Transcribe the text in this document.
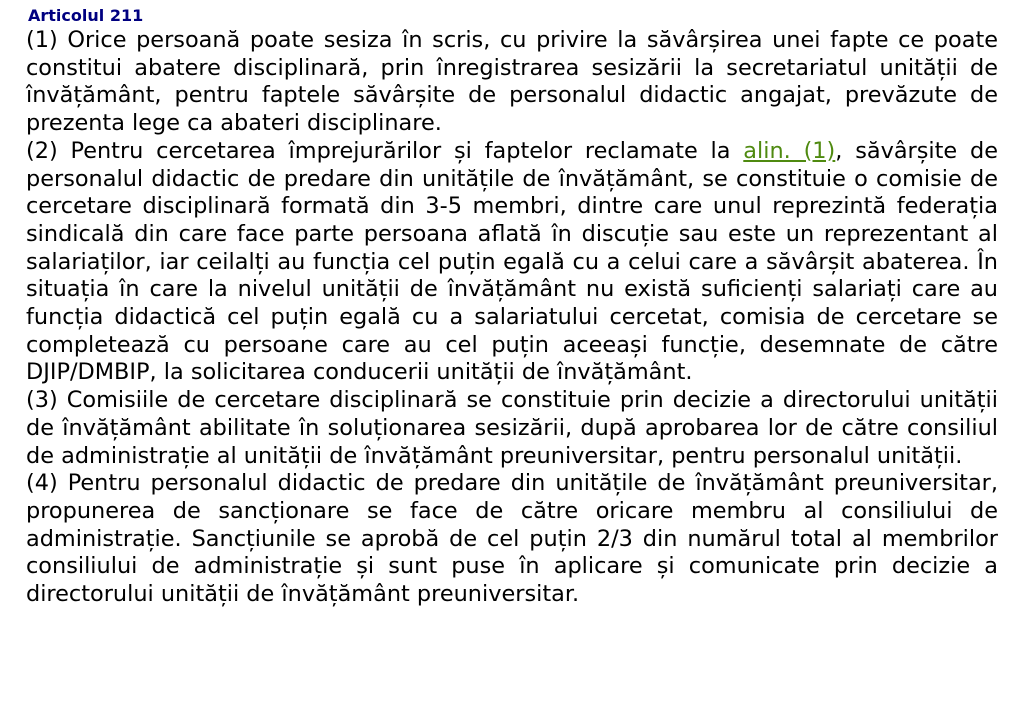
Articolul 211

(1) Orice persoană poate sesiza în scris, cu privire la săvârșirea unei fapte ce poate constitui abatere disciplinară, prin înregistrarea sesizării la secretariatul unității de învățământ, pentru faptele săvârșite de personalul didactic angajat, prevăzute de prezenta lege ca abateri disciplinare.

(2) Pentru cercetarea împrejurărilor și faptelor reclamate la alin. (1), săvârșite de personalul didactic de predare din unitățile de învățământ, se constituie o comisie de cercetare disciplinară formată din 3-5 membri, dintre care unul reprezintă federația sindicală din care face parte persoana aflată în discuție sau este un reprezentant al salariaților, iar ceilalți au funcția cel puțin egală cu a celui care a săvârșit abaterea. În situația în care la nivelul unității de învățământ nu există suficienți salariați care au funcția didactică cel puțin egală cu a salariatului cercetat, comisia de cercetare se completează cu persoane care au cel puțin aceeași funcție, desemnate de către DJIP/DMBIP, la solicitarea conducerii unității de învățământ.

(3) Comisiile de cercetare disciplinară se constituie prin decizie a directorului unității de învățământ abilitate în soluționarea sesizării, după aprobarea lor de către consiliul de administrație al unității de învățământ preuniversitar, pentru personalul unității.

(4) Pentru personalul didactic de predare din unitățile de învățământ preuniversitar, propunerea de sancționare se face de către oricare membru al consiliului de administrație. Sancțiunile se aprobă de cel puțin 2/3 din numărul total al membrilor consiliului de administrație și sunt puse în aplicare și comunicate prin decizie a directorului unității de învățământ preuniversitar.
